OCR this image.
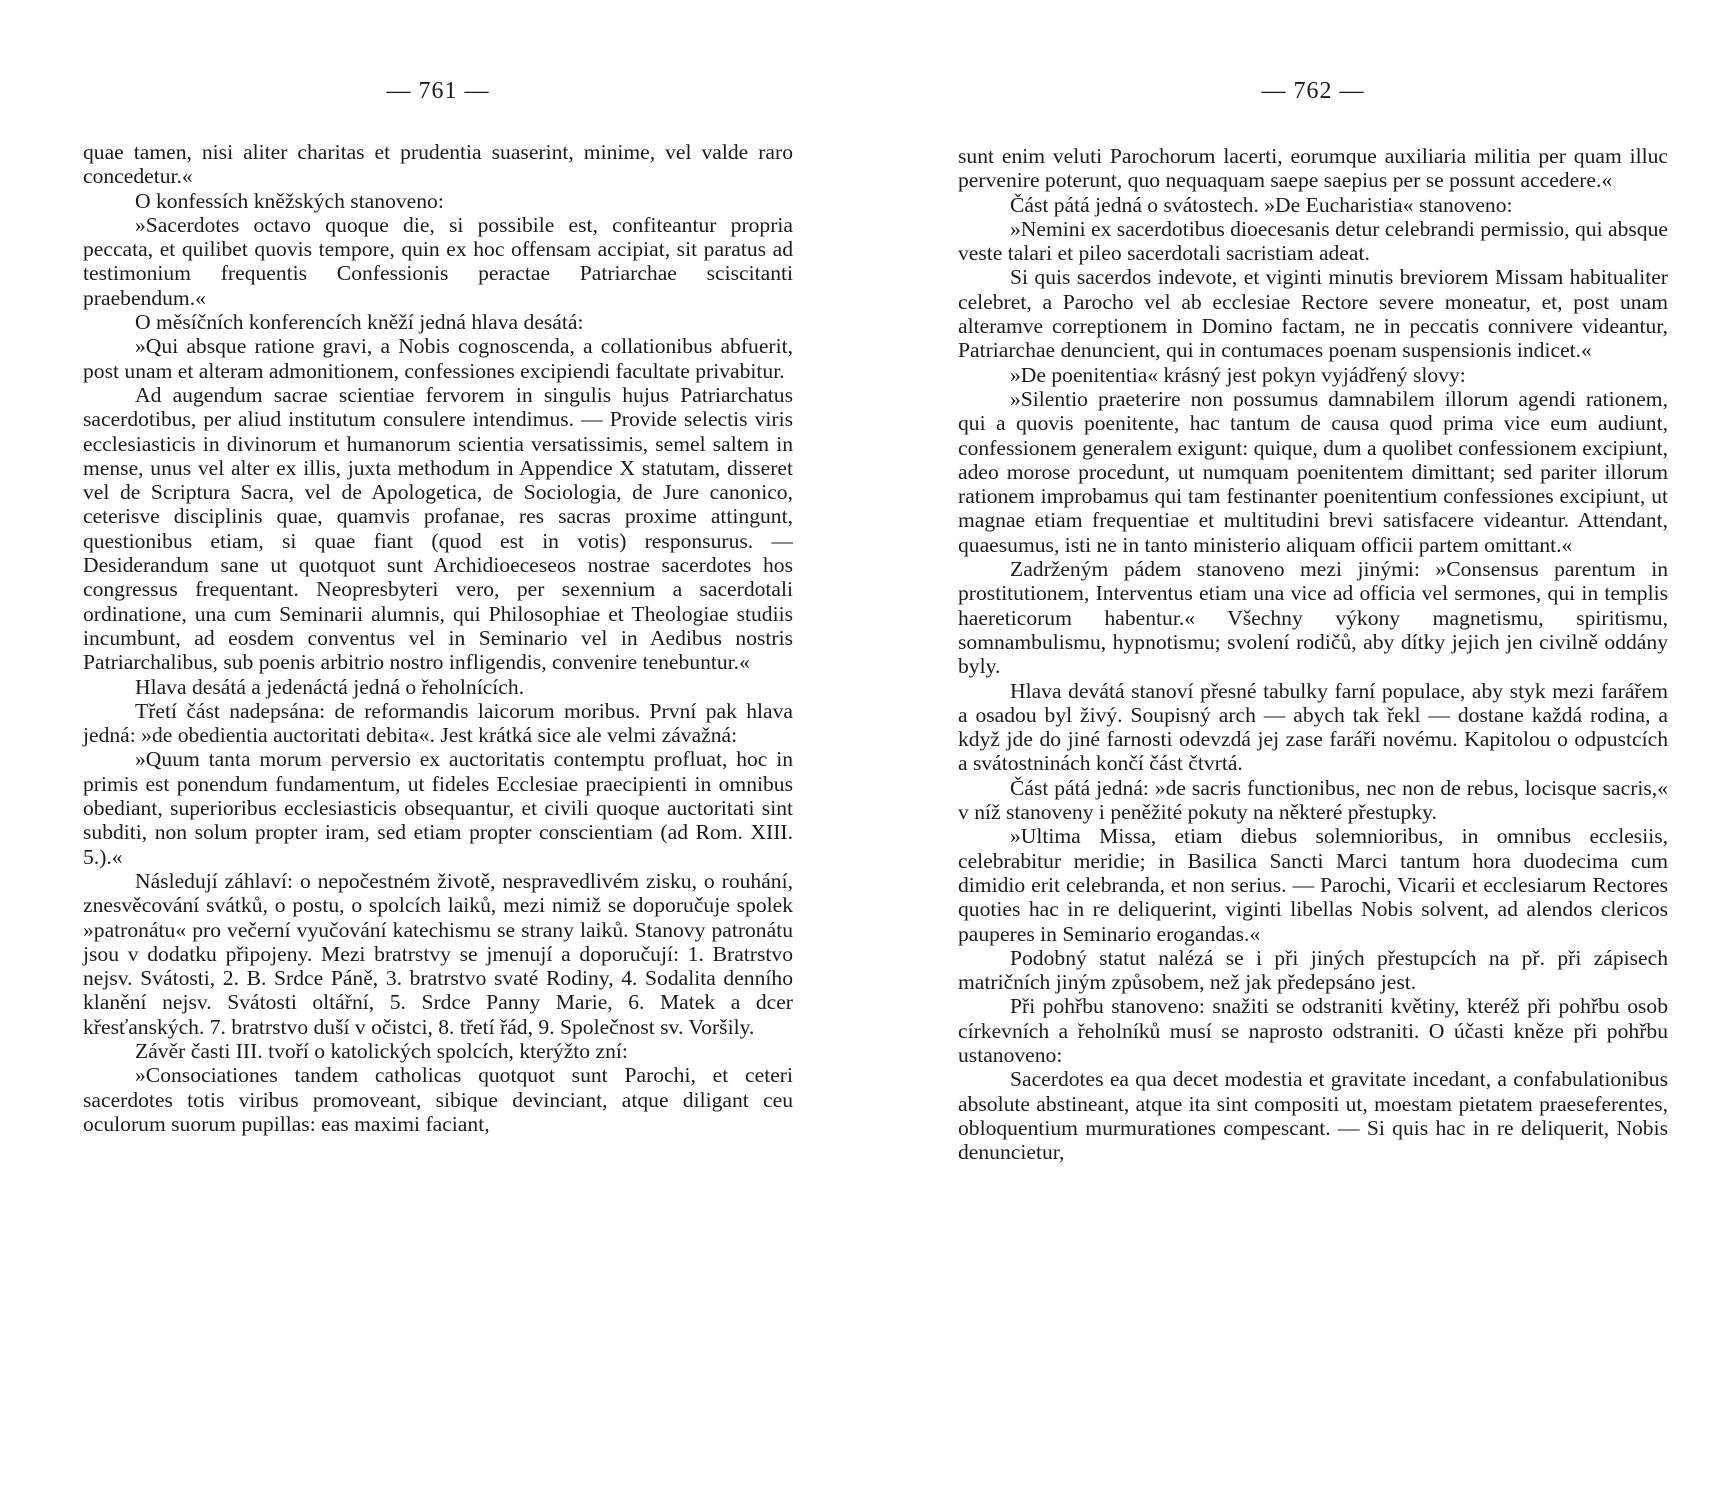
— 761 —

quae tamen, nisi aliter charitas et prudentia suaserint, minime, vel valde raro concedetur.«

O konfessích kněžských stanoveno:

»Sacerdotes octavo quoque die, si possibile est, confiteantur propria peccata, et quilibet quovis tempore, quin ex hoc offensam accipiat, sit paratus ad testimonium frequentis Confessionis peractae Patriarchae sciscitanti praebendum.«

O měsíčních konferencích kněží jedná hlava desátá:

»Qui absque ratione gravi, a Nobis cognoscenda, a collationibus abfuerit, post unam et alteram admonitionem, confessiones excipiendi facultate privabitur.

Ad augendum sacrae scientiae fervorem in singulis hujus Patriarchatus sacerdotibus, per aliud institutum consulere intendimus. — Provide selectis viris ecclesiasticis in divinorum et humanorum scientia versatissimis, semel saltem in mense, unus vel alter ex illis, juxta methodum in Appendice X statutam, disseret vel de Scriptura Sacra, vel de Apologetica, de Sociologia, de Jure canonico, ceterisve disciplinis quae, quamvis profanae, res sacras proxime attingunt, questionibus etiam, si quae fiant (quod est in votis) responsurus. — Desiderandum sane ut quotquot sunt Archidioeceseos nostrae sacerdotes hos congressus frequentant. Neopresbyteri vero, per sexennium a sacerdotali ordinatione, una cum Seminarii alumnis, qui Philosophiae et Theologiae studiis incumbunt, ad eosdem conventus vel in Seminario vel in Aedibus nostris Patriarchalibus, sub poenis arbitrio nostro infligendis, convenire tenebuntur.«

Hlava desátá a jedenáctá jedná o řeholnících.

Třetí část nadepsána: de reformandis laicorum moribus. První pak hlava jedná: »de obedientia auctoritati debita«. Jest krátká sice ale velmi závažná:

»Quum tanta morum perversio ex auctoritatis contemptu profluat, hoc in primis est ponendum fundamentum, ut fideles Ecclesiae praecipienti in omnibus obediant, superioribus ecclesiasticis obsequantur, et civili quoque auctoritati sint subditi, non solum propter iram, sed etiam propter conscientiam (ad Rom. XIII. 5.).«

Následují záhlaví: o nepočestném životě, nespravedlivém zisku, o rouhání, znesvěcování svátků, o postu, o spolcích laiků, mezi nimiž se doporučuje spolek »patronátu« pro večerní vyučování katechismu se strany laiků. Stanovy patronátu jsou v dodatku připojeny. Mezi bratrstvy se jmenují a doporučují: 1. Bratrstvo nejsv. Svátosti, 2. B. Srdce Páně, 3. bratrstvo svaté Rodiny, 4. Sodalita denního klanění nejsv. Svátosti oltářní, 5. Srdce Panny Marie, 6. Matek a dcer křesťanských. 7. bratrstvo duší v očistci, 8. třetí řád, 9. Společnost sv. Voršily.

Závěr časti III. tvoří o katolických spolcích, kterýžto zní:

»Consociationes tandem catholicas quotquot sunt Parochi, et ceteri sacerdotes totis viribus promoveant, sibique devinciant, atque diligant ceu oculorum suorum pupillas: eas maximi faciant,

— 762 —

sunt enim veluti Parochorum lacerti, eorumque auxiliaria militia per quam illuc pervenire poterunt, quo nequaquam saepe saepius per se possunt accedere.«

Část pátá jedná o svátostech. »De Eucharistia« stanoveno:

»Nemini ex sacerdotibus dioecesanis detur celebrandi permissio, qui absque veste talari et pileo sacerdotali sacristiam adeat.

Si quis sacerdos indevote, et viginti minutis breviorem Missam habitualiter celebret, a Parocho vel ab ecclesiae Rectore severe moneatur, et, post unam alteramve correptionem in Domino factam, ne in peccatis connivere videantur, Patriarchae denuncient, qui in contumaces poenam suspensionis indicet.«

»De poenitentia« krásný jest pokyn vyjádřený slovy:

»Silentio praeterire non possumus damnabilem illorum agendi rationem, qui a quovis poenitente, hac tantum de causa quod prima vice eum audiunt, confessionem generalem exigunt: quique, dum a quolibet confessionem excipiunt, adeo morose procedunt, ut numquam poenitentem dimittant; sed pariter illorum rationem improbamus qui tam festinanter poenitentium confessiones excipiunt, ut magnae etiam frequentiae et multitudini brevi satisfacere videantur. Attendant, quaesumus, isti ne in tanto ministerio aliquam officii partem omittant.«

Zadrženým pádem stanoveno mezi jinými: »Consensus parentum in prostitutionem, Interventus etiam una vice ad officia vel sermones, qui in templis haereticorum habentur.« Všechny výkony magnetismu, spiritismu, somnambulismu, hypnotismu; svolení rodičů, aby dítky jejich jen civilně oddány byly.

Hlava devátá stanoví přesné tabulky farní populace, aby styk mezi farářem a osadou byl živý. Soupisný arch — abych tak řekl — dostane každá rodina, a když jde do jiné farnosti odevzdá jej zase faráři novému. Kapitolou o odpustcích a svátostninách končí část čtvrtá.

Část pátá jedná: »de sacris functionibus, nec non de rebus, locisque sacris,« v níž stanoveny i peněžité pokuty na některé přestupky.

»Ultima Missa, etiam diebus solemnioribus, in omnibus ecclesiis, celebrabitur meridie; in Basilica Sancti Marci tantum hora duodecima cum dimidio erit celebranda, et non serius. — Parochi, Vicarii et ecclesiarum Rectores quoties hac in re deliquerint, viginti libellas Nobis solvent, ad alendos clericos pauperes in Seminario erogandas.«

Podobný statut nalézá se i při jiných přestupcích na př. při zápisech matričních jiným způsobem, než jak předepsáno jest.

Při pohřbu stanoveno: snažiti se odstraniti květiny, kteréž při pohřbu osob církevních a řeholníků musí se naprosto odstraniti. O účasti kněze při pohřbu ustanoveno:

Sacerdotes ea qua decet modestia et gravitate incedant, a confabulationibus absolute abstineant, atque ita sint compositi ut, moestam pietatem praeseferentes, obloquentium murmurationes compescant. — Si quis hac in re deliquerit, Nobis denuncietur,
